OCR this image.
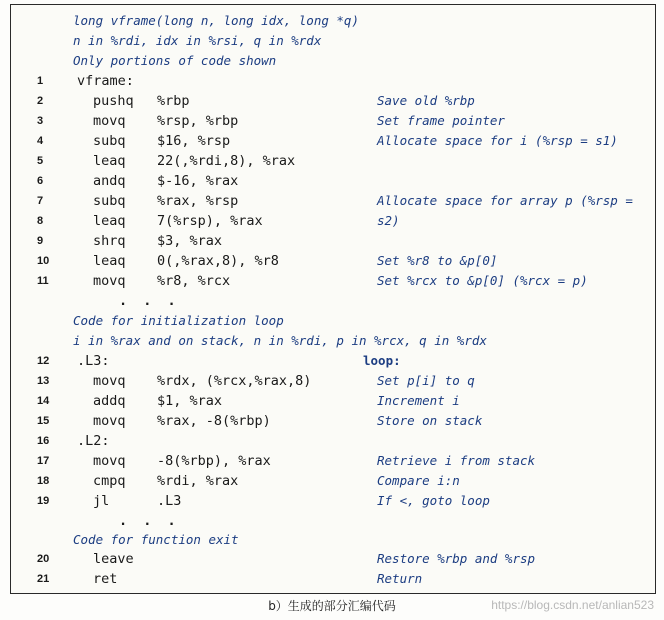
long vframe(long n, long idx, long *q)
n in %rdi, idx in %rsi, q in %rdx
Only portions of code shown
1	vframe:
2	pushq %rbp	Save old %rbp
3	movq %rsp, %rbp	Set frame pointer
4	subq $16, %rsp	Allocate space for i (%rsp = s1)
5	leaq 22(,%rdi,8), %rax
6	andq $-16, %rax
7	subq %rax, %rsp	Allocate space for array p (%rsp = s2)
8	leaq 7(%rsp), %rax
9	shrq $3, %rax
10	leaq 0(,%rax,8), %r8	Set %r8 to &p[0]
11	movq %r8, %rcx	Set %rcx to &p[0] (%rcx = p)
. . .
Code for initialization loop
i in %rax and on stack, n in %rdi, p in %rcx, q in %rdx
12	.L3:	loop:
13	movq %rdx, (%rcx,%rax,8)	Set p[i] to q
14	addq $1, %rax	Increment i
15	movq %rax, -8(%rbp)	Store on stack
16	.L2:
17	movq -8(%rbp), %rax	Retrieve i from stack
18	cmpq %rdi, %rax	Compare i:n
19	jl	.L3	If <, goto loop
. . .
Code for function exit
20	leave	Restore %rbp and %rsp
21	ret	Return
b）生成的部分汇编代码	https://blog.csdn.net/anlian523
